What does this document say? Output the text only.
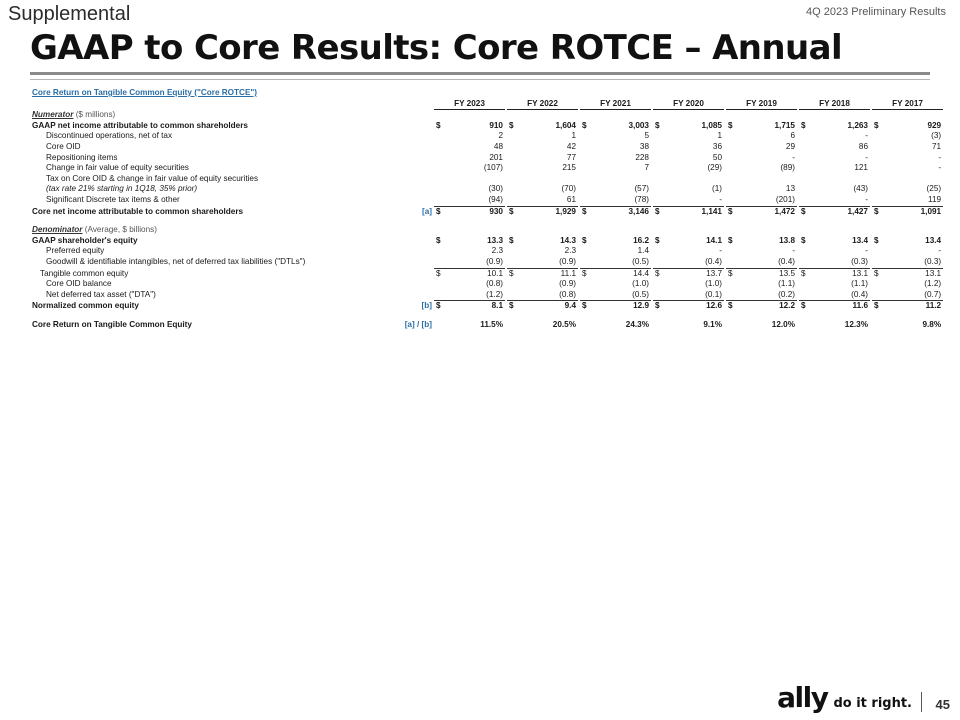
Supplemental	4Q 2023 Preliminary Results
GAAP to Core Results: Core ROTCE – Annual
Core Return on Tangible Common Equity ("Core ROTCE")																					
		FY 2023			FY 2022			FY 2021			FY 2020			FY 2019			FY 2018			FY 2017	
Numerator ($ millions)																					
GAAP net income attributable to common shareholders		$	910		$	1,604		$	3,003		$	1,085		$	1,715		$	1,263		$	929
Discontinued operations, net of tax			2			1			5			1			6			-			(3)
Core OID			48			42			38			36			29			86			71
Repositioning items			201			77			228			50			-			-			-
Change in fair value of equity securities			(107)			215			7			(29)			(89)			121			-
Tax on Core OID & change in fair value of equity securities																					
(tax rate 21% starting in 1Q18, 35% prior)			(30)			(70)			(57)			(1)			13			(43)			(25)
Significant Discrete tax items & other			(94)			61			(78)			-			(201)			-			119
Core net income attributable to common shareholders	[a]	$	930		$	1,929		$	3,146		$	1,141		$	1,472		$	1,427		$	1,091

Denominator (Average, $ billions)																					
GAAP shareholder's equity		$	13.3		$	14.3		$	16.2		$	14.1		$	13.8		$	13.4		$	13.4
Preferred equity			2.3			2.3			1.4			-			-			-			-
Goodwill & identifiable intangibles, net of deferred tax liabilities ("DTLs")			(0.9)			(0.9)			(0.5)			(0.4)			(0.4)			(0.3)			(0.3)
Tangible common equity		$	10.1		$	11.1		$	14.4		$	13.7		$	13.5		$	13.1		$	13.1
Core OID balance			(0.8)			(0.9)			(1.0)			(1.0)			(1.1)			(1.1)			(1.2)
Net deferred tax asset ("DTA")			(1.2)			(0.8)			(0.5)			(0.1)			(0.2)			(0.4)			(0.7)
Normalized common equity	[b]	$	8.1		$	9.4		$	12.9		$	12.6		$	12.2		$	11.6		$	11.2

Core Return on Tangible Common Equity	[a] / [b]		11.5%			20.5%			24.3%			9.1%			12.0%			12.3%			9.8%
ally do it right. 45
